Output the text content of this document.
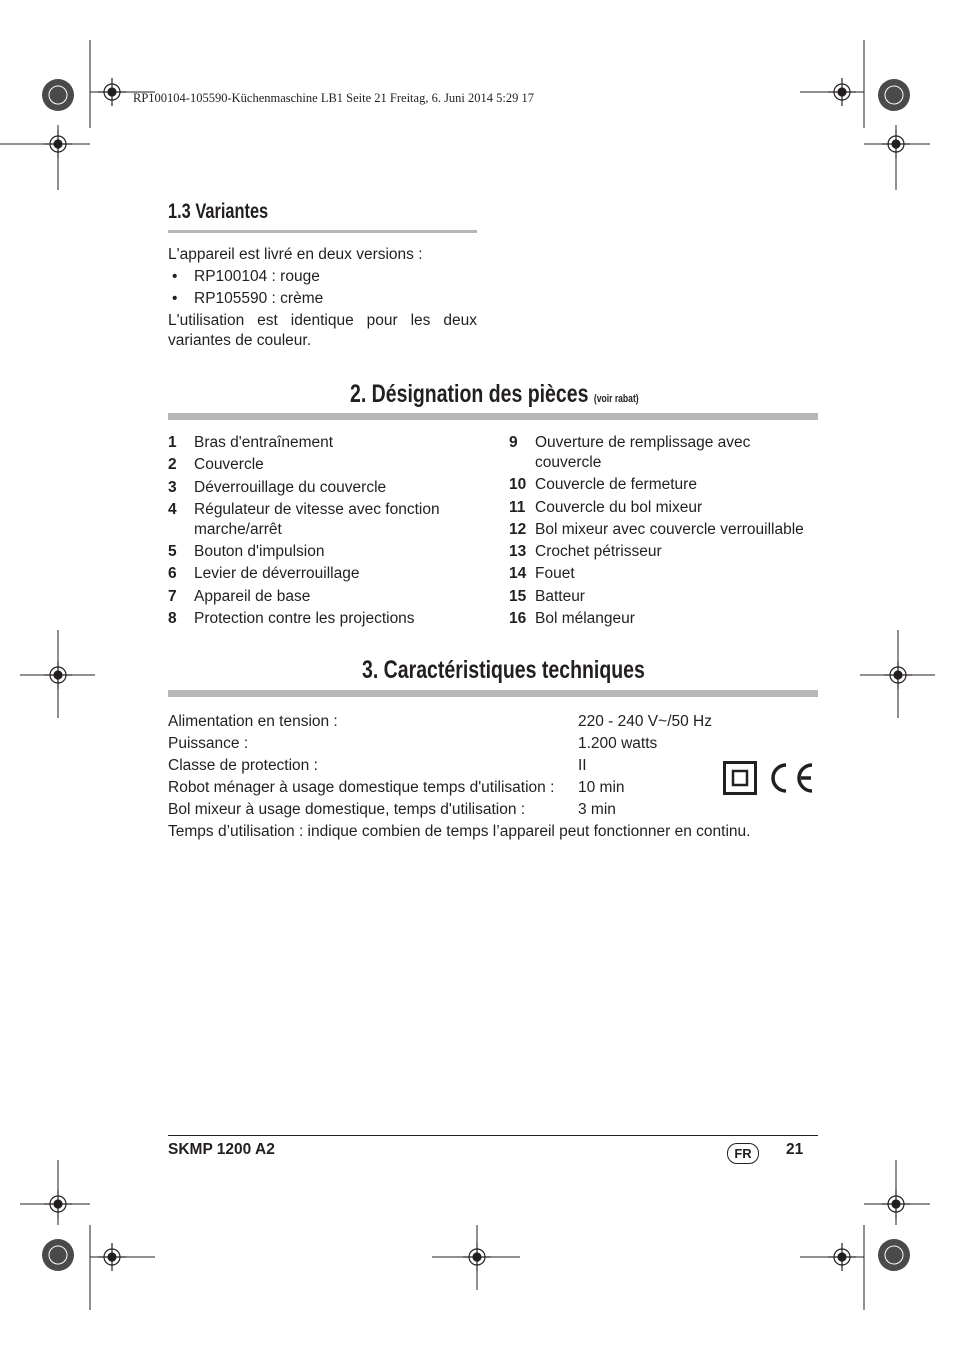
RP100104-105590-Küchenmaschine LB1 Seite 21 Freitag, 6. Juni 2014 5:29 17
1.3 Variantes
L'appareil est livré en deux versions :
• RP100104 : rouge
• RP105590 : crème
L'utilisation est identique pour les deux variantes de couleur.
2. Désignation des pièces (voir rabat)
1	Bras d'entraînement
2	Couvercle
3	Déverrouillage du couvercle
4	Régulateur de vitesse avec fonction marche/arrêt
5	Bouton d'impulsion
6	Levier de déverrouillage
7	Appareil de base
8	Protection contre les projections
9	Ouverture de remplissage avec couvercle
10 Couvercle de fermeture
11 Couvercle du bol mixeur
12 Bol mixeur avec couvercle verrouillable
13 Crochet pétrisseur
14 Fouet
15 Batteur
16 Bol mélangeur
3. Caractéristiques techniques
Alimentation en tension :	220 - 240 V~/50 Hz
Puissance :	1.200 watts
Classe de protection :	II
Robot ménager à usage domestique temps d'utilisation : 10 min
Bol mixeur à usage domestique, temps d'utilisation :	3 min
Temps d’utilisation : indique combien de temps l’appareil peut fonctionner en continu.
SKMP 1200 A2	FR	21
